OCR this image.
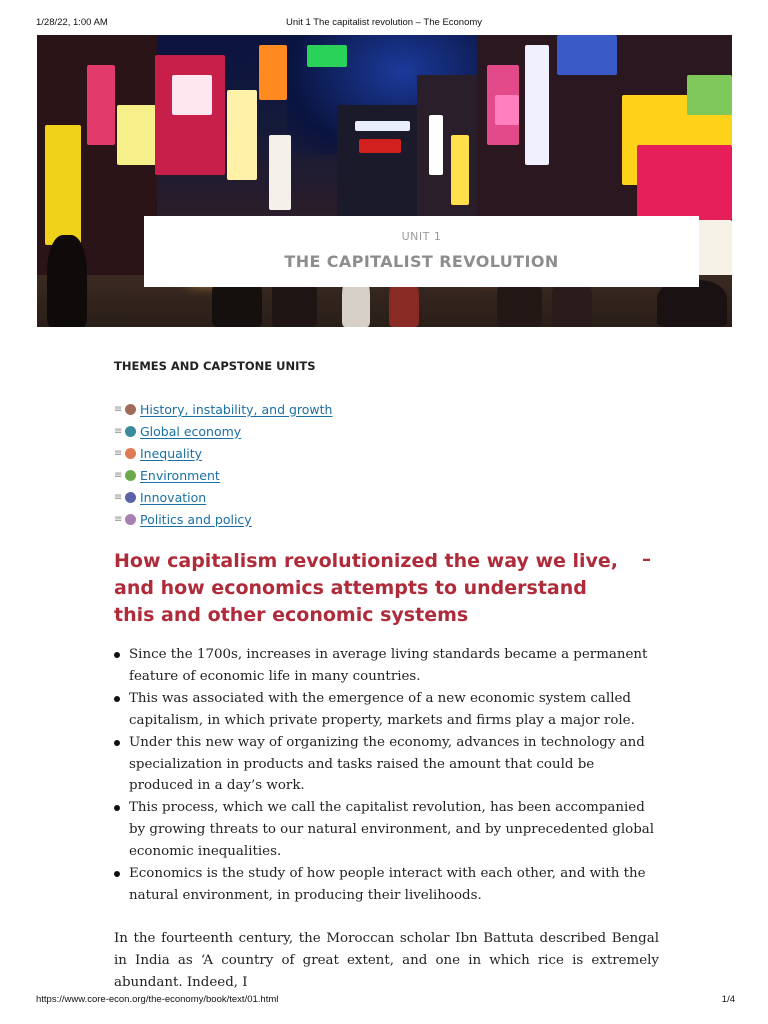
1/28/22, 1:00 AM	Unit 1 The capitalist revolution – The Economy
UNIT 1
THE CAPITALIST REVOLUTION
THEMES AND CAPSTONE UNITS
≡ History, instability, and growth
≡ Global economy
≡ Inequality
≡ Environment
≡ Innovation
≡ Politics and policy
How capitalism revolutionized the way we live, and how economics attempts to understand this and other economic systems
–
Since the 1700s, increases in average living standards became a permanent feature of economic life in many countries.
This was associated with the emergence of a new economic system called capitalism, in which private property, markets and firms play a major role.
Under this new way of organizing the economy, advances in technology and specialization in products and tasks raised the amount that could be produced in a day’s work.
This process, which we call the capitalist revolution, has been accompanied by growing threats to our natural environment, and by unprecedented global economic inequalities.
Economics is the study of how people interact with each other, and with the natural environment, in producing their livelihoods.

In the fourteenth century, the Moroccan scholar Ibn Battuta described Bengal in India as ‘A country of great extent, and one in which rice is extremely abundant. Indeed, I

https://www.core-econ.org/the-economy/book/text/01.html	1/4
